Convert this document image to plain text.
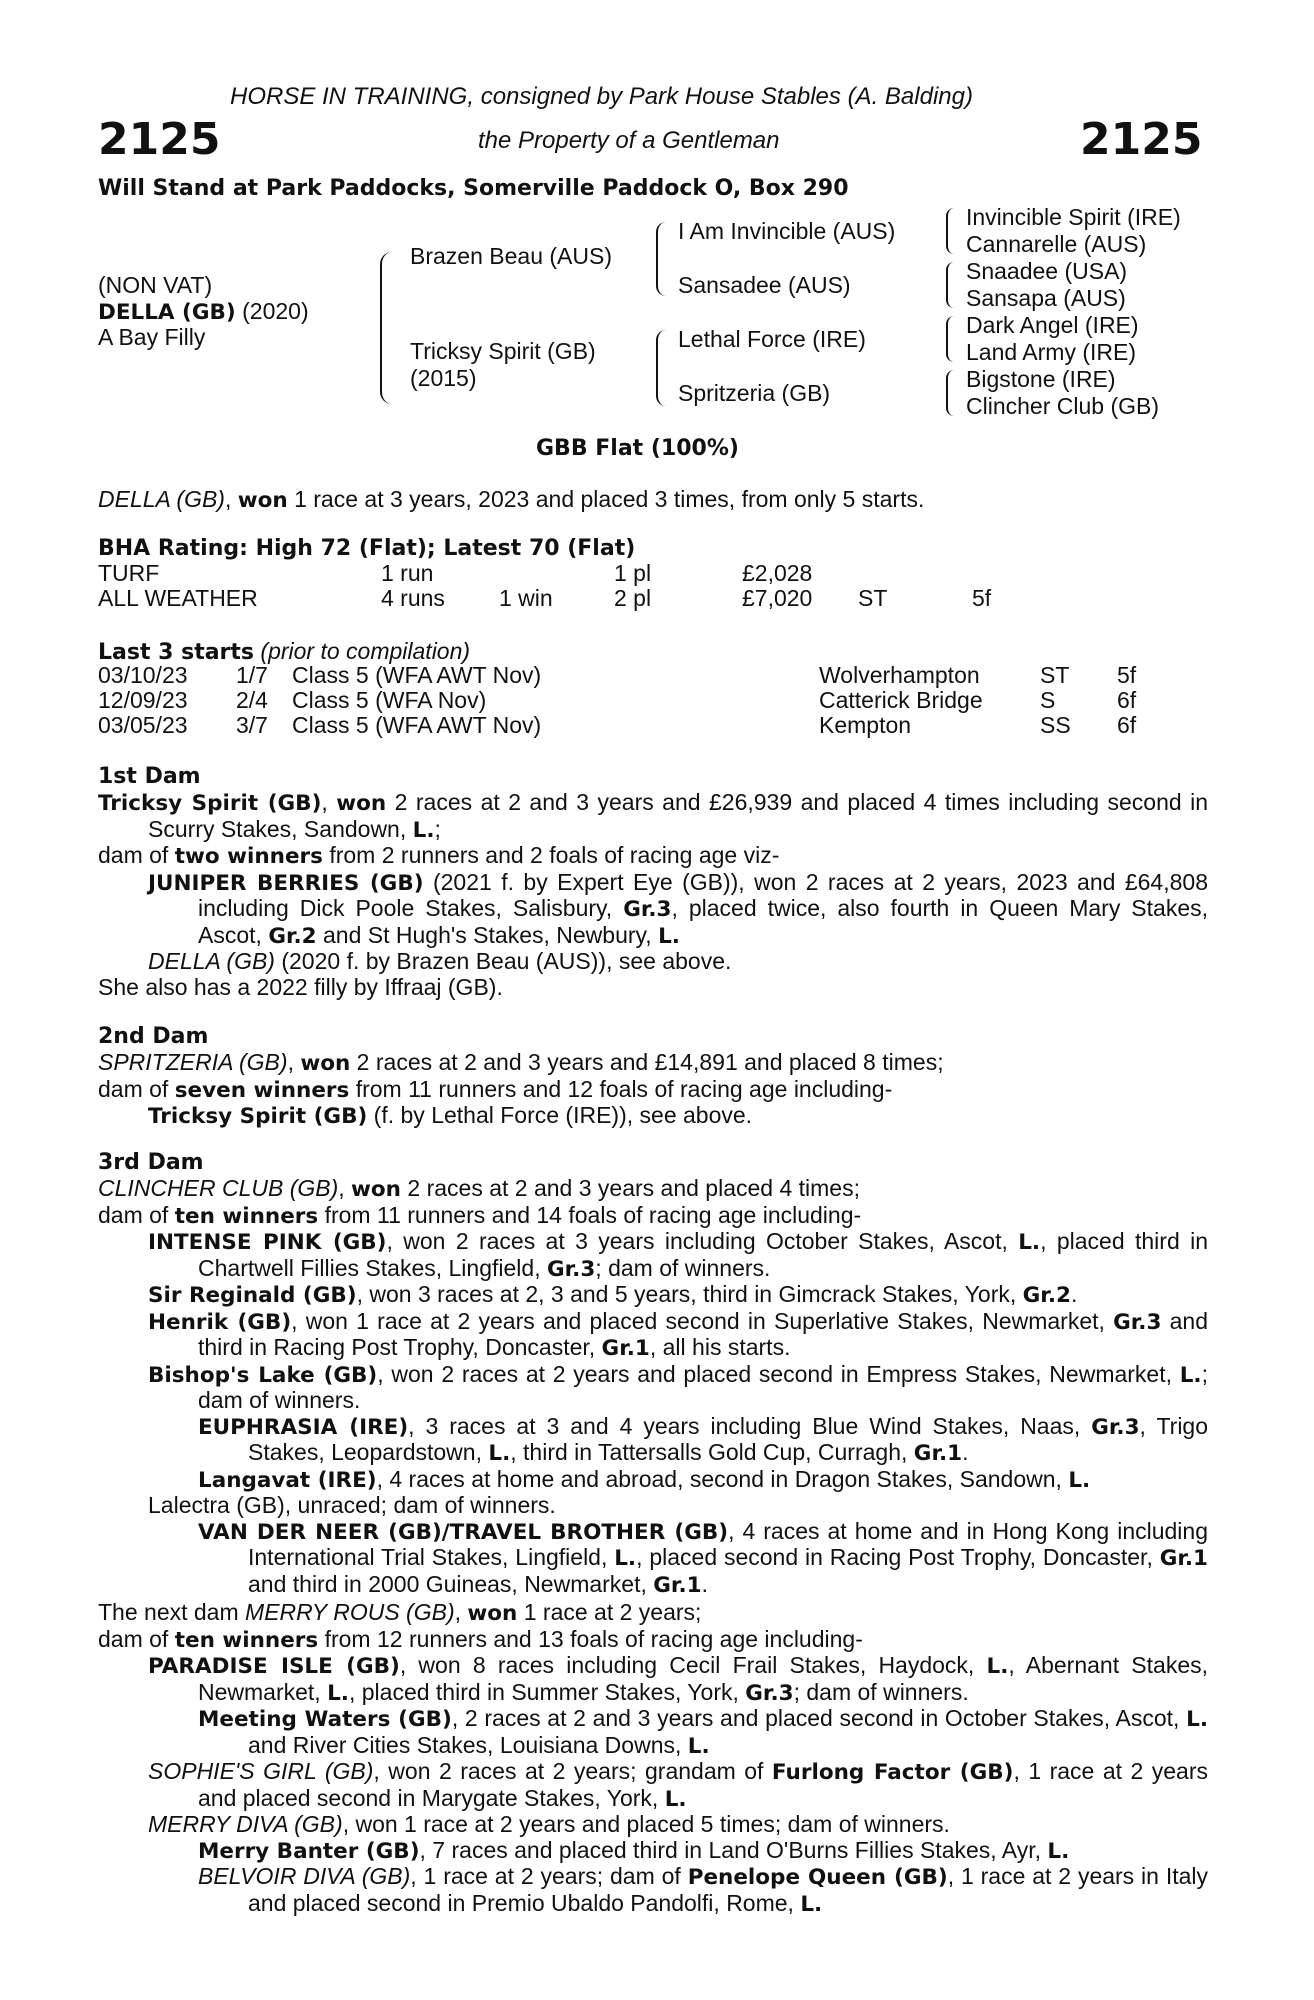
HORSE IN TRAINING, consigned by Park House Stables (A. Balding)
2125	the Property of a Gentleman	2125
Will Stand at Park Paddocks, Somerville Paddock O, Box 290
(NON VAT)
DELLA (GB) (2020)
A Bay Filly
Brazen Beau (AUS)
Tricksy Spirit (GB)
(2015)
I Am Invincible (AUS)
Sansadee (AUS)
Lethal Force (IRE)
Spritzeria (GB)
Invincible Spirit (IRE)
Cannarelle (AUS)
Snaadee (USA)
Sansapa (AUS)
Dark Angel (IRE)
Land Army (IRE)
Bigstone (IRE)
Clincher Club (GB)
GBB Flat (100%)
DELLA (GB), won 1 race at 3 years, 2023 and placed 3 times, from only 5 starts.
BHA Rating: High 72 (Flat); Latest 70 (Flat)
TURF	1 run	1 pl	£2,028
ALL WEATHER	4 runs 1 win	2 pl	£7,020 ST	5f
Last 3 starts (prior to compilation)
03/10/23 1/7 Class 5 (WFA AWT Nov)	Wolverhampton	ST 5f
12/09/23 2/4 Class 5 (WFA Nov)	Catterick Bridge S	6f
03/05/23 3/7 Class 5 (WFA AWT Nov)	Kempton	SS 6f

1st Dam

Tricksy Spirit (GB), won 2 races at 2 and 3 years and £26,939 and placed 4 times including second in Scurry Stakes, Sandown, L.;

dam of two winners from 2 runners and 2 foals of racing age viz-

JUNIPER BERRIES (GB) (2021 f. by Expert Eye (GB)), won 2 races at 2 years, 2023 and £64,808 including Dick Poole Stakes, Salisbury, Gr.3, placed twice, also fourth in Queen Mary Stakes, Ascot, Gr.2 and St Hugh's Stakes, Newbury, L.

DELLA (GB) (2020 f. by Brazen Beau (AUS)), see above.

She also has a 2022 filly by Iffraaj (GB).

2nd Dam

SPRITZERIA (GB), won 2 races at 2 and 3 years and £14,891 and placed 8 times;

dam of seven winners from 11 runners and 12 foals of racing age including-

Tricksy Spirit (GB) (f. by Lethal Force (IRE)), see above.

3rd Dam

CLINCHER CLUB (GB), won 2 races at 2 and 3 years and placed 4 times;

dam of ten winners from 11 runners and 14 foals of racing age including-

INTENSE PINK (GB), won 2 races at 3 years including October Stakes, Ascot, L., placed third in Chartwell Fillies Stakes, Lingfield, Gr.3; dam of winners.

Sir Reginald (GB), won 3 races at 2, 3 and 5 years, third in Gimcrack Stakes, York, Gr.2.

Henrik (GB), won 1 race at 2 years and placed second in Superlative Stakes, Newmarket, Gr.3 and third in Racing Post Trophy, Doncaster, Gr.1, all his starts.

Bishop's Lake (GB), won 2 races at 2 years and placed second in Empress Stakes, Newmarket, L.; dam of winners.

EUPHRASIA (IRE), 3 races at 3 and 4 years including Blue Wind Stakes, Naas, Gr.3, Trigo Stakes, Leopardstown, L., third in Tattersalls Gold Cup, Curragh, Gr.1.

Langavat (IRE), 4 races at home and abroad, second in Dragon Stakes, Sandown, L.

Lalectra (GB), unraced; dam of winners.

VAN DER NEER (GB)/TRAVEL BROTHER (GB), 4 races at home and in Hong Kong including International Trial Stakes, Lingfield, L., placed second in Racing Post Trophy, Doncaster, Gr.1 and third in 2000 Guineas, Newmarket, Gr.1.

The next dam MERRY ROUS (GB), won 1 race at 2 years;

dam of ten winners from 12 runners and 13 foals of racing age including-

PARADISE ISLE (GB), won 8 races including Cecil Frail Stakes, Haydock, L., Abernant Stakes, Newmarket, L., placed third in Summer Stakes, York, Gr.3; dam of winners.

Meeting Waters (GB), 2 races at 2 and 3 years and placed second in October Stakes, Ascot, L. and River Cities Stakes, Louisiana Downs, L.

SOPHIE'S GIRL (GB), won 2 races at 2 years; grandam of Furlong Factor (GB), 1 race at 2 years and placed second in Marygate Stakes, York, L.

MERRY DIVA (GB), won 1 race at 2 years and placed 5 times; dam of winners.

Merry Banter (GB), 7 races and placed third in Land O'Burns Fillies Stakes, Ayr, L.

BELVOIR DIVA (GB), 1 race at 2 years; dam of Penelope Queen (GB), 1 race at 2 years in Italy and placed second in Premio Ubaldo Pandolfi, Rome, L.
